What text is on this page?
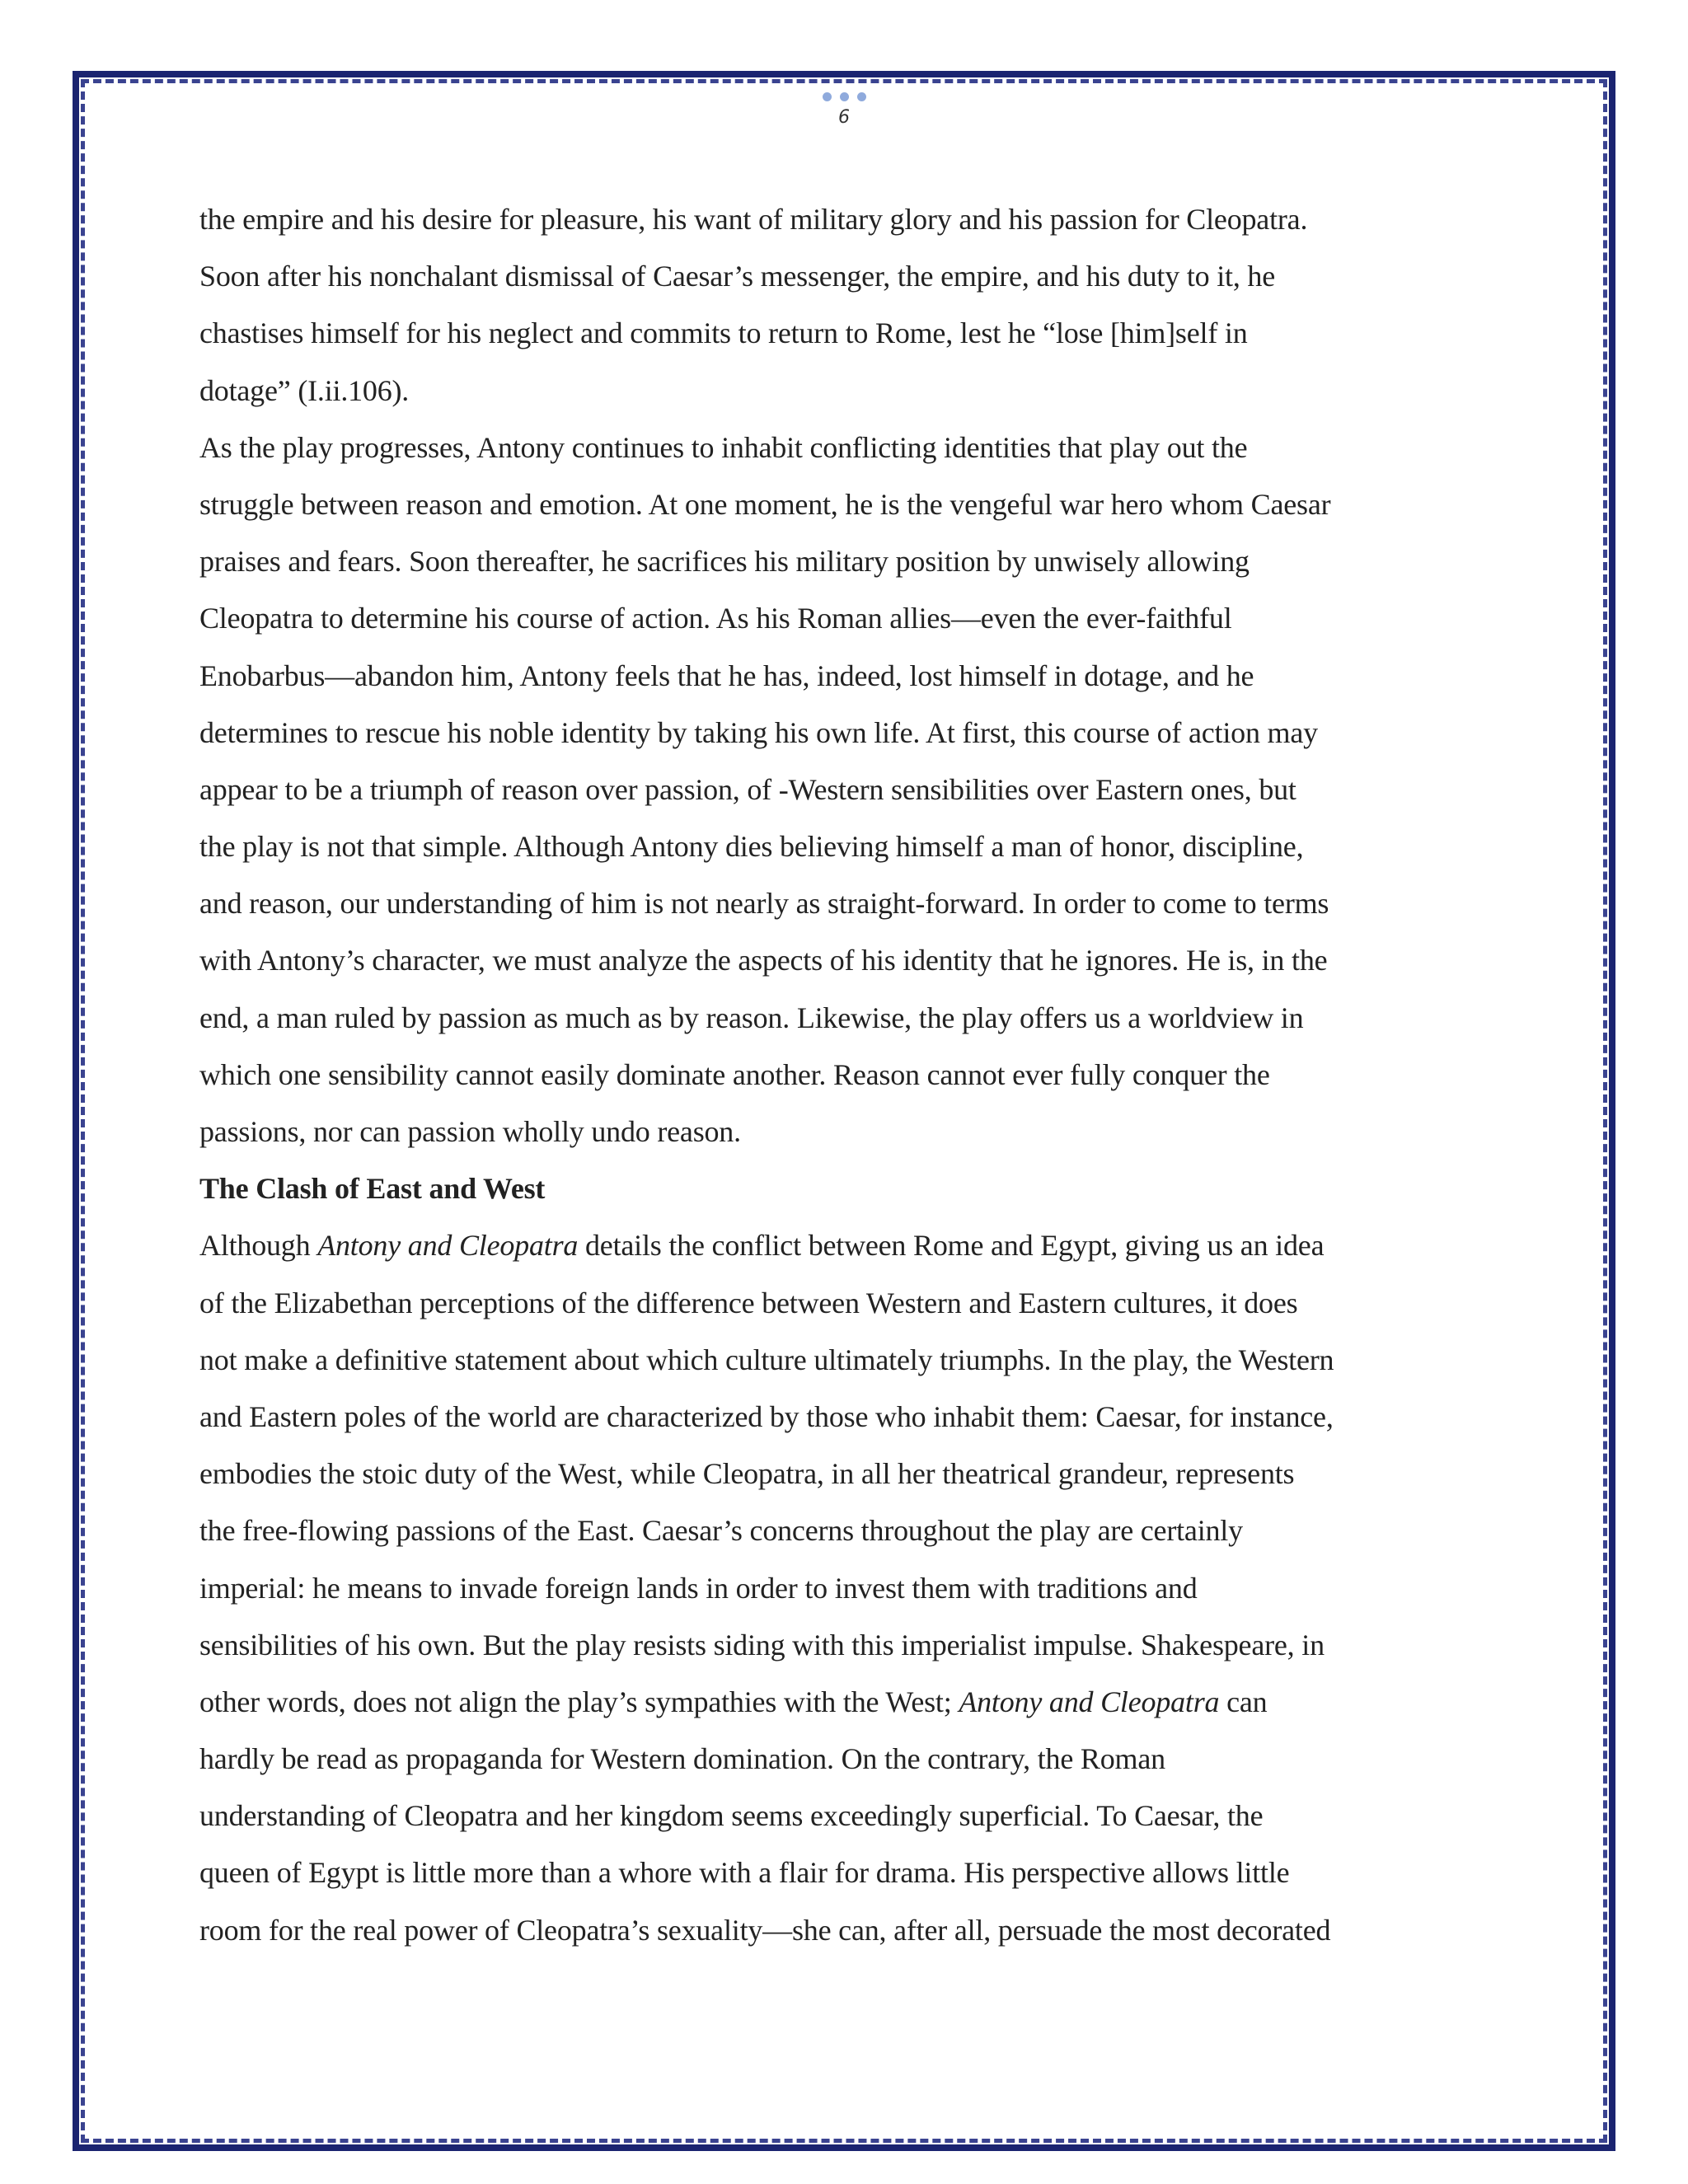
6
the empire and his desire for pleasure, his want of military glory and his passion for Cleopatra.
Soon after his nonchalant dismissal of Caesar’s messenger, the empire, and his duty to it, he
chastises himself for his neglect and commits to return to Rome, lest he “lose [him]self in
dotage” (I.ii.106).
As the play progresses, Antony continues to inhabit conflicting identities that play out the
struggle between reason and emotion. At one moment, he is the vengeful war hero whom Caesar
praises and fears. Soon thereafter, he sacrifices his military position by unwisely allowing
Cleopatra to determine his course of action. As his Roman allies—even the ever-faithful
Enobarbus—abandon him, Antony feels that he has, indeed, lost himself in dotage, and he
determines to rescue his noble identity by taking his own life. At first, this course of action may
appear to be a triumph of reason over passion, of -Western sensibilities over Eastern ones, but
the play is not that simple. Although Antony dies believing himself a man of honor, discipline,
and reason, our understanding of him is not nearly as straight-forward. In order to come to terms
with Antony’s character, we must analyze the aspects of his identity that he ignores. He is, in the
end, a man ruled by passion as much as by reason. Likewise, the play offers us a worldview in
which one sensibility cannot easily dominate another. Reason cannot ever fully conquer the
passions, nor can passion wholly undo reason.
The Clash of East and West
Although Antony and Cleopatra details the conflict between Rome and Egypt, giving us an idea
of the Elizabethan perceptions of the difference between Western and Eastern cultures, it does
not make a definitive statement about which culture ultimately triumphs. In the play, the Western
and Eastern poles of the world are characterized by those who inhabit them: Caesar, for instance,
embodies the stoic duty of the West, while Cleopatra, in all her theatrical grandeur, represents
the free-flowing passions of the East. Caesar’s concerns throughout the play are certainly
imperial: he means to invade foreign lands in order to invest them with traditions and
sensibilities of his own. But the play resists siding with this imperialist impulse. Shakespeare, in
other words, does not align the play’s sympathies with the West; Antony and Cleopatra can
hardly be read as propaganda for Western domination. On the contrary, the Roman
understanding of Cleopatra and her kingdom seems exceedingly superficial. To Caesar, the
queen of Egypt is little more than a whore with a flair for drama. His perspective allows little
room for the real power of Cleopatra’s sexuality—she can, after all, persuade the most decorated
